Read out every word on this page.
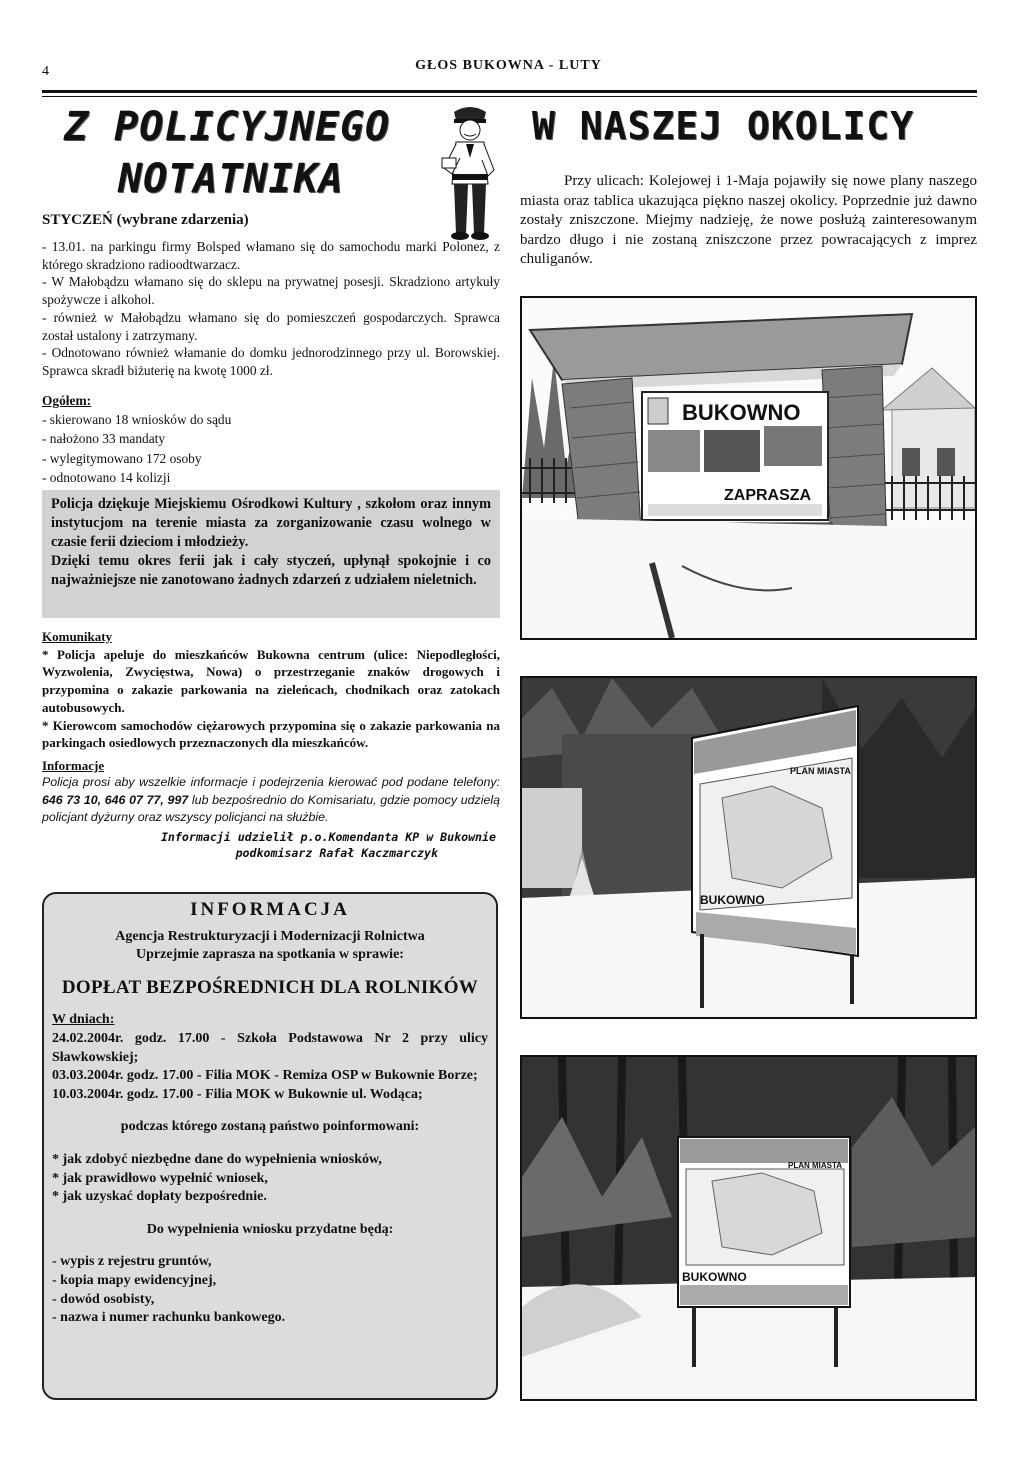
4	GŁOS BUKOWNA - LUTY
Z POLICYJNEGO
NOTATNIKA
STYCZEŃ (wybrane zdarzenia)

- 13.01. na parkingu firmy Bolsped włamano się do samochodu marki Polonez, z którego skradziono radioodtwarzacz.

- W Małobądzu włamano się do sklepu na prywatnej posesji. Skradziono artykuły spożywcze i alkohol.

- również w Małobądzu włamano się do pomieszczeń gospodarczych. Sprawca został ustalony i zatrzymany.

- Odnotowano również włamanie do domku jednorodzinnego przy ul. Borowskiej. Sprawca skradł biżuterię na kwotę 1000 zł.

Ogółem:
- skierowano 18 wniosków do sądu
- nałożono 33 mandaty
- wylegitymowano 172 osoby
- odnotowano 14 kolizji
Policja dziękuje Miejskiemu Ośrodkowi Kultury , szkołom oraz innym instytucjom na terenie miasta za zorganizowanie czasu wolnego w czasie ferii dzieciom i młodzieży.
Dzięki temu okres ferii jak i cały styczeń, upłynął spokojnie i co najważniejsze nie zanotowano żadnych zdarzeń z udziałem nieletnich.
Komunikaty

* Policja apeluje do mieszkańców Bukowna centrum (ulice: Niepodległości, Wyzwolenia, Zwycięstwa, Nowa) o przestrzeganie znaków drogowych i przypomina o zakazie parkowania na zieleńcach, chodnikach oraz zatokach autobusowych.

* Kierowcom samochodów ciężarowych przypomina się o zakazie parkowania na parkingach osiedlowych przeznaczonych dla mieszkańców.

Informacje

Policja prosi aby wszelkie informacje i podejrzenia kierować pod podane telefony: 646 73 10, 646 07 77, 997 lub bezpośrednio do Komisariatu, gdzie pomocy udzielą policjant dyżurny oraz wszyscy policjanci na służbie.

Informacji udzielił p.o.Komendanta KP w Bukownie
podkomisarz Rafał Kaczmarczyk
INFORMACJA
Agencja Restrukturyzacji i Modernizacji Rolnictwa
Uprzejmie zaprasza na spotkania w sprawie:
DOPŁAT BEZPOŚREDNICH DLA ROLNIKÓW
W dniach:

24.02.2004r. godz. 17.00 - Szkoła Podstawowa Nr 2 przy ulicy Sławkowskiej;

03.03.2004r. godz. 17.00 - Filia MOK - Remiza OSP w Bukownie Borze;

10.03.2004r. godz. 17.00 - Filia MOK w Bukownie ul. Wodąca;

podczas którego zostaną państwo poinformowani:
* jak zdobyć niezbędne dane do wypełnienia wniosków,
* jak prawidłowo wypełnić wniosek,
* jak uzyskać dopłaty bezpośrednie.
Do wypełnienia wniosku przydatne będą:
- wypis z rejestru gruntów,
- kopia mapy ewidencyjnej,
- dowód osobisty,
- nazwa i numer rachunku bankowego.
W NASZEJ OKOLICY
Przy ulicach: Kolejowej i 1-Maja pojawiły się nowe plany naszego miasta oraz tablica ukazująca piękno naszej okolicy. Poprzednie już dawno zostały zniszczone. Miejmy nadzieję, że nowe posłużą zainteresowanym bardzo długo i nie zostaną zniszczone przez powracających z imprez chuliganów.
BUKOWNO
ZAPRASZA
PLAN MIASTA
BUKOWNO
PLAN MIASTA
BUKOWNO
